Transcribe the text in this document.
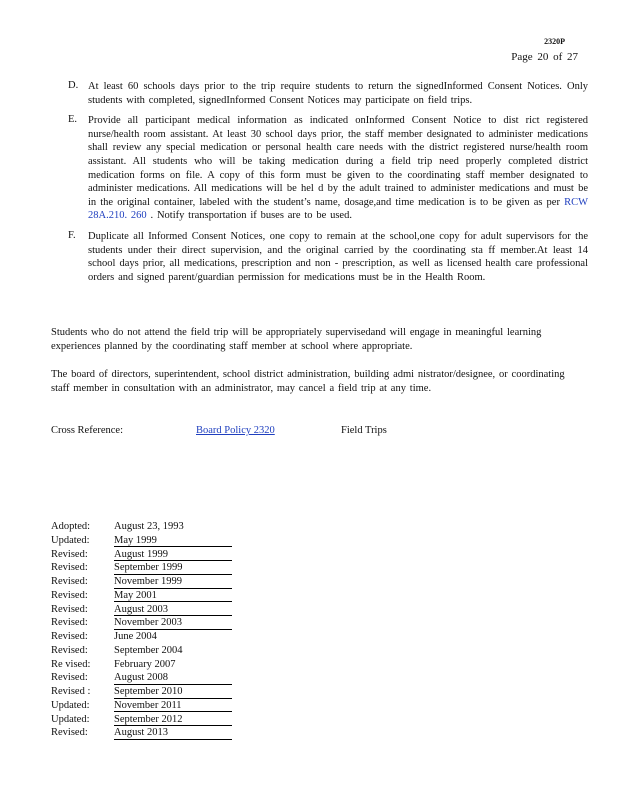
2320P
Page 20 of 27
D. At least 60 schools days prior to the trip require students to return the signedInformed Consent Notices. Only students with completed, signedInformed Consent Notices may participate on field trips.
E. Provide all participant medical information as indicated onInformed Consent Notice to dist rict registered nurse/health room assistant. At least 30 school days prior, the staff member designated to administer medications shall review any special medication or personal health care needs with the district registered nurse/health room assistant. All students who will be taking medication during a field trip need properly completed district medication forms on file. A copy of this form must be given to the coordinating staff member designated to administer medications. All medications will be hel d by the adult trained to administer medications and must be in the original container, labeled with the student’s name, dosage,and time medication is to be given as per RCW 28A.210. 260 . Notify transportation if buses are to be used.
F. Duplicate all Informed Consent Notices, one copy to remain at the school,one copy for adult supervisors for the students under their direct supervision, and the original carried by the coordinating sta ff member.At least 14 school days prior, all medications, prescription and non - prescription, as well as licensed health care professional orders and signed parent/guardian permission for medications must be in the Health Room.
Students who do not attend the field trip will be appropriately supervisedand will engage in meaningful learning experiences planned by the coordinating staff member at school where appropriate.
The board of directors, superintendent, school district administration, building admi nistrator/designee, or coordinating staff member in consultation with an administrator, may cancel a field trip at any time.
Cross Reference:	Board Policy 2320	Field Trips
Adopted:	August 23, 1993
Updated:	May 1999
Revised:	August 1999
Revised:	September 1999
Revised:	November 1999
Revised:	May 2001
Revised:	August 2003
Revised:	November 2003
Revised:	June 2004
Revised:	September 2004
Re vised:	February 2007
Revised:	August 2008
Revised :	September 2010
Updated:	November 2011
Updated:	September 2012
Revised:	August 2013
